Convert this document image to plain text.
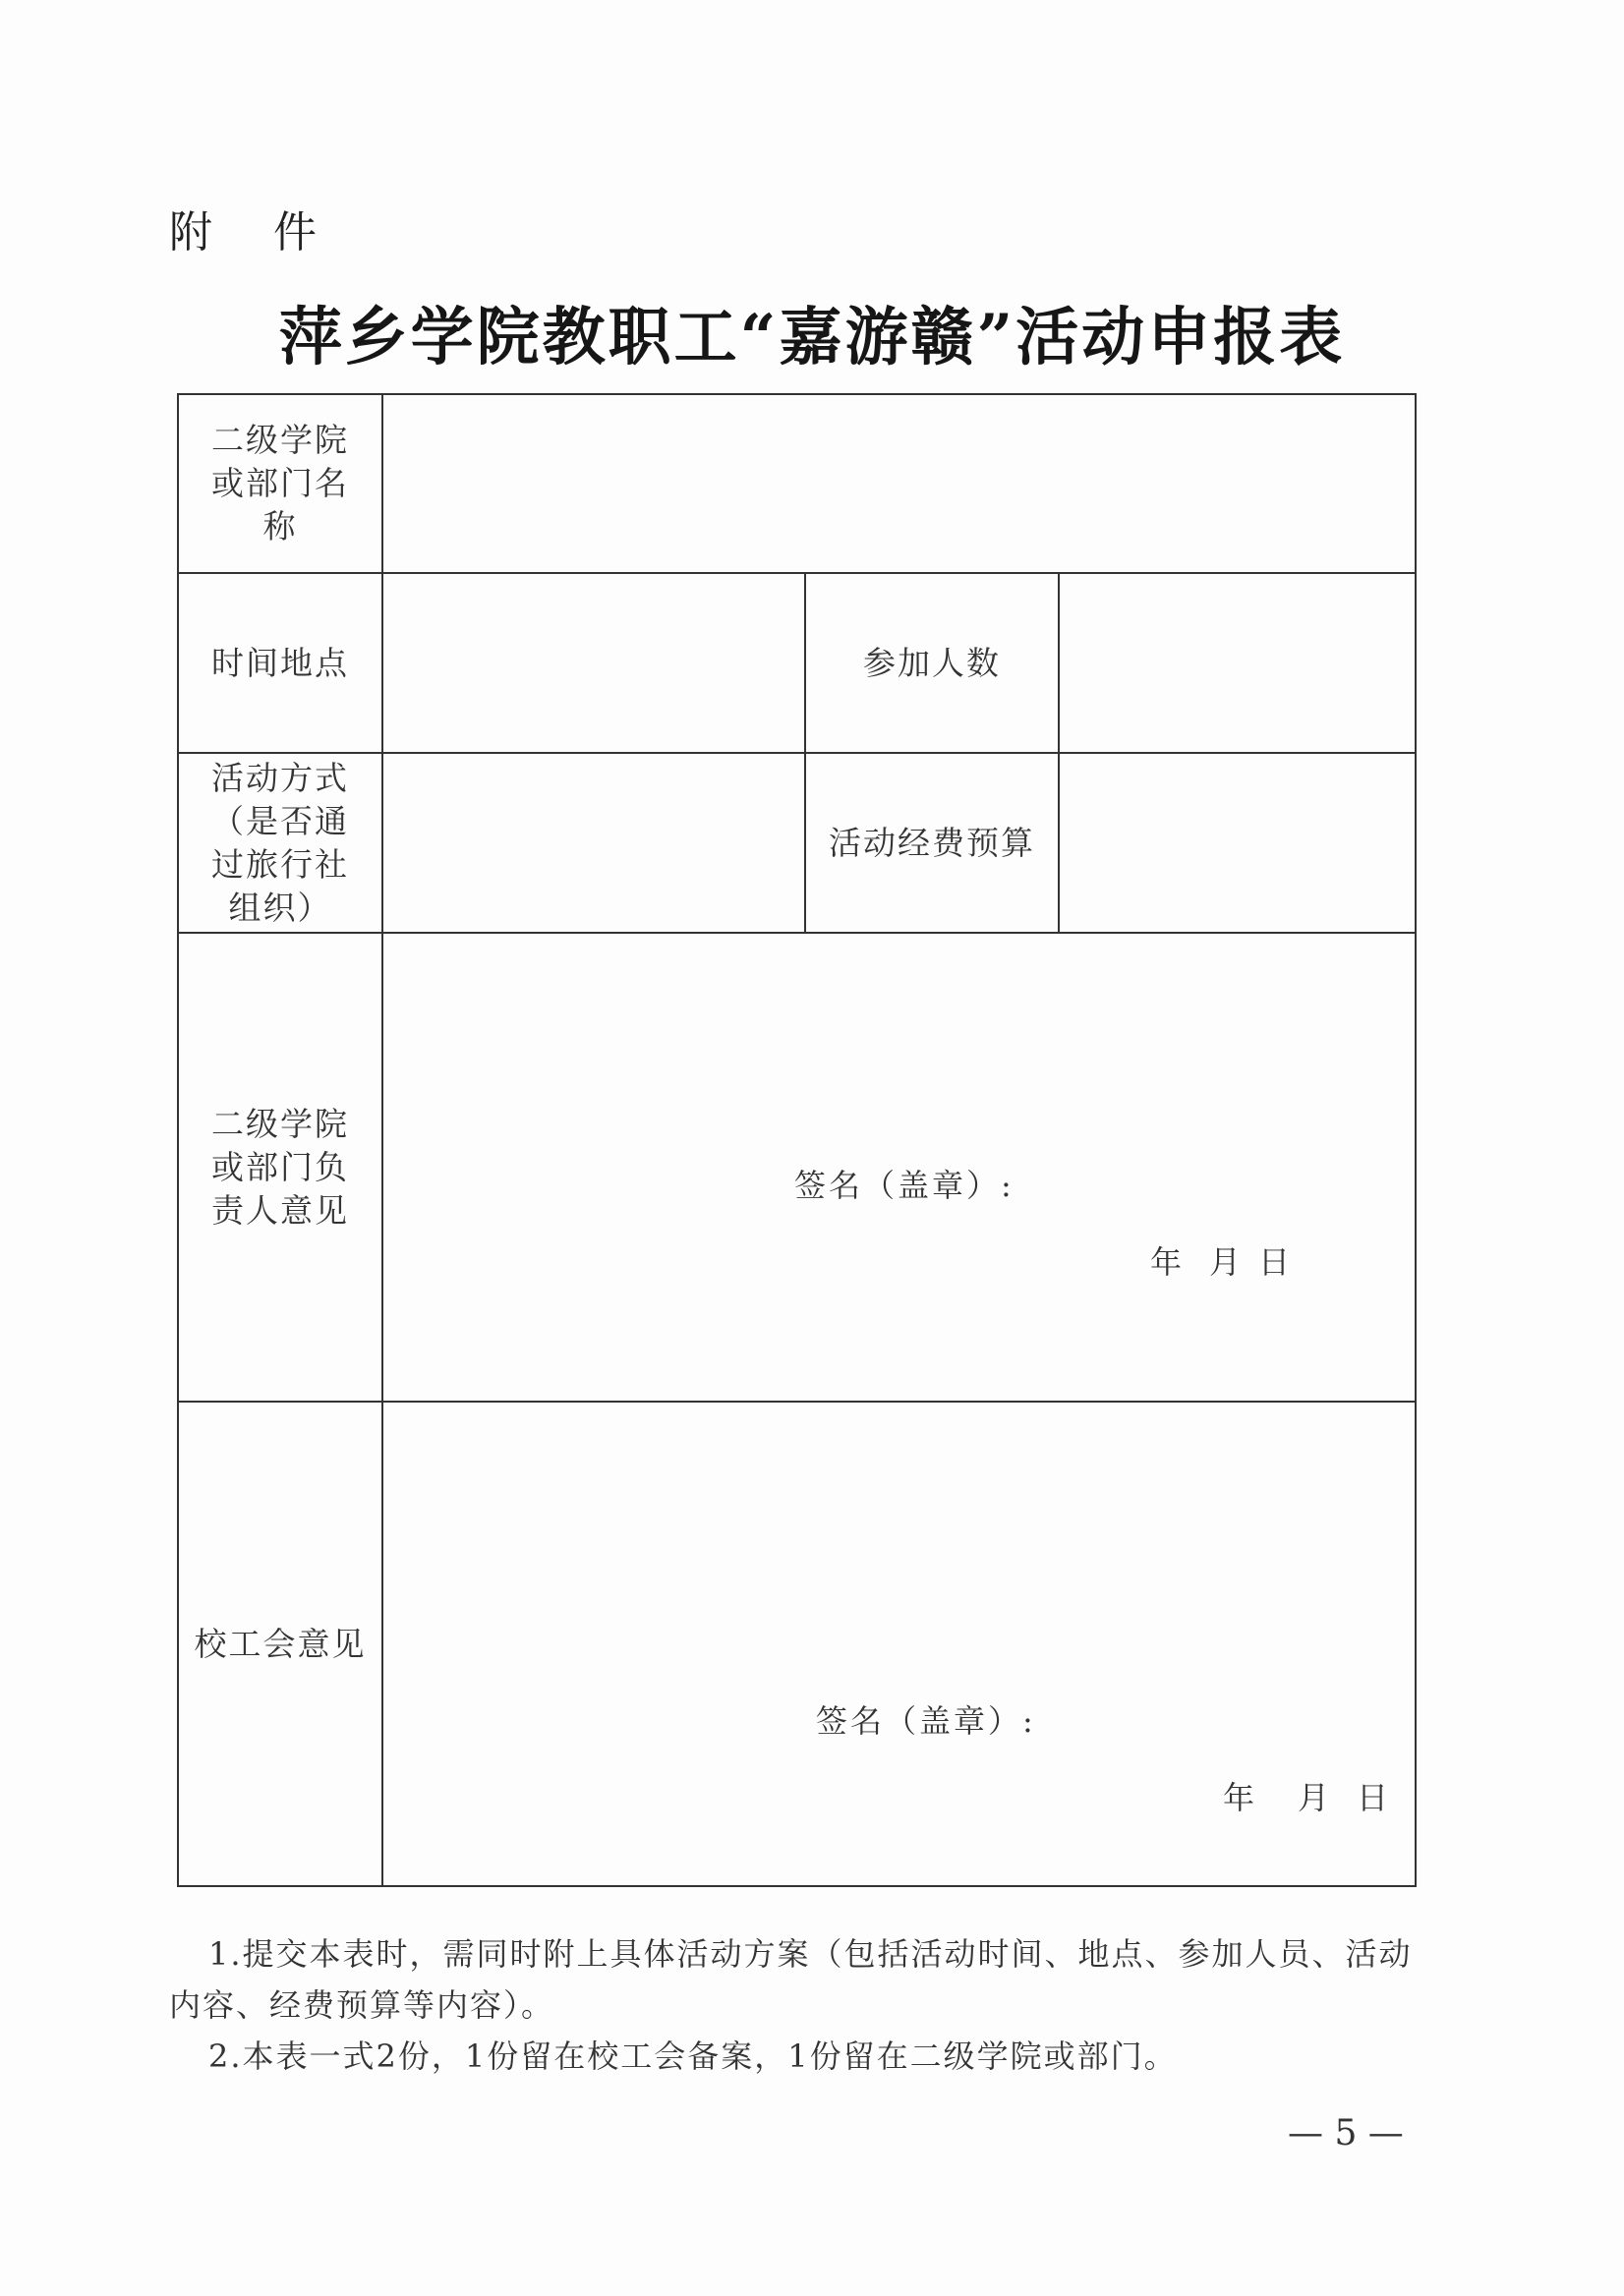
附件
萍乡学院教职工“嘉游赣”活动申报表
二级学院或部门名称			

时间地点		参加人数	

活动方式（是否通过旅行社组织）		活动经费预算	

二级学院或部门负责人意见	签名（盖章）:
年 月 日		

校工会意见	签名（盖章）:
年 月 日		

1.提交本表时，需同时附上具体活动方案（包括活动时间、地点、参加人员、活动内容、经费预算等内容）。

2.本表一式2份，1份留在校工会备案，1份留在二级学院或部门。

— 5 —
